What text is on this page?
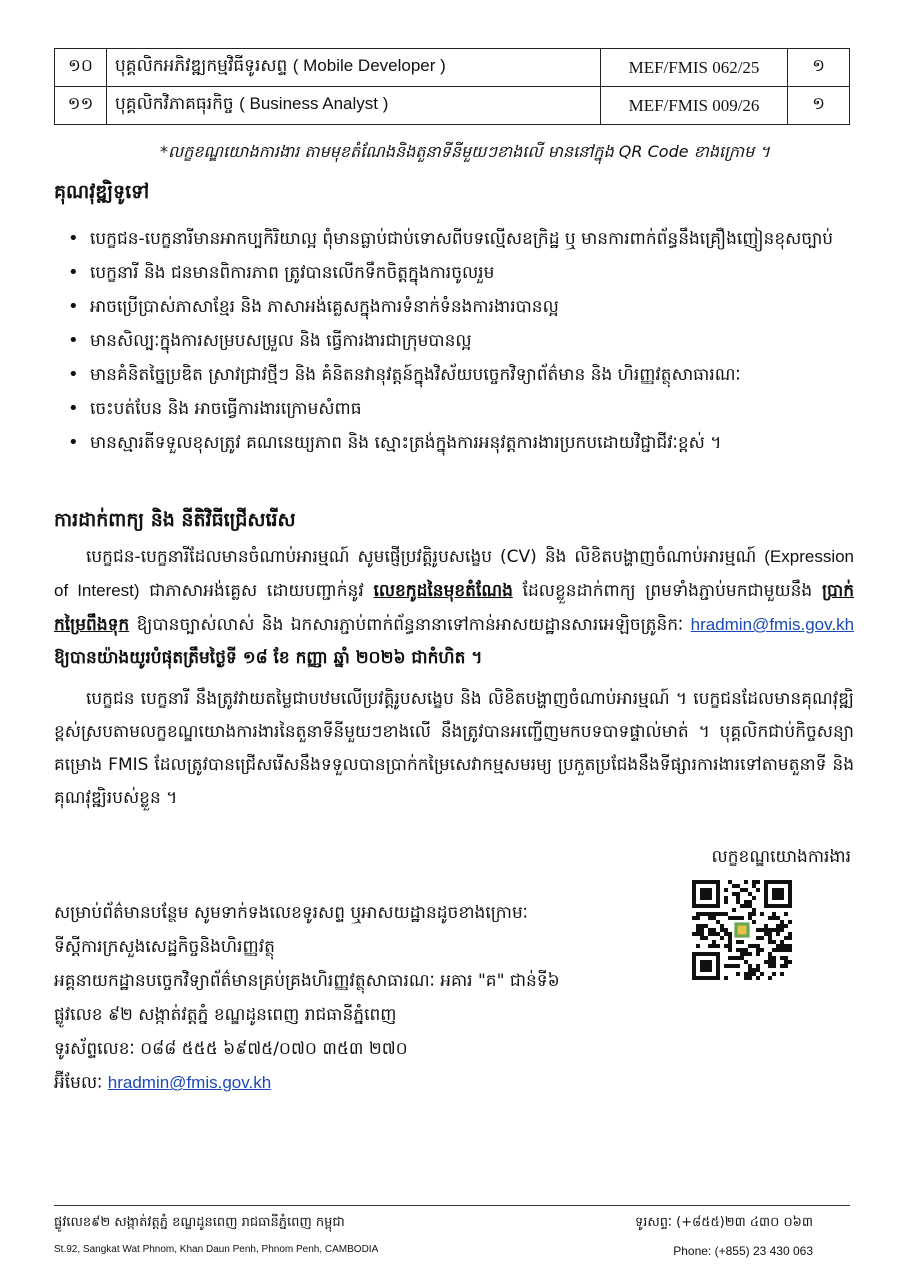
១០	បុគ្គលិកអភិវឌ្ឍកម្មវិធីទូរសព្ទ ( Mobile Developer )	MEF/FMIS 062/25	១
១១	បុគ្គលិកវិភាគធុរកិច្ច ( Business Analyst )	MEF/FMIS 009/26	១
*លក្ខខណ្ឌយោងការងារ តាមមុខតំណែងនិងតួនាទីនីមួយៗខាងលើ មាននៅក្នុង QR Code ខាងក្រោម ។
គុណវុឌ្ឍិទូទៅ
• បេក្ខជន-បេក្ខនារីមានអាកប្បកិរិយាល្អ ពុំមានធ្លាប់ជាប់ទោសពីបទល្មើសឧក្រិដ្ឋ ឬ មានការពាក់ព័ន្ធនឹងគ្រឿងញៀនខុសច្បាប់
• បេក្ខនារី និង ជនមានពិការភាព ត្រូវបានលើកទឹកចិត្តក្នុងការចូលរួម
• អាចប្រើប្រាស់ភាសាខ្មែរ និង ភាសាអង់គ្លេសក្នុងការទំនាក់ទំនងការងារបានល្អ
• មានសិល្បៈក្នុងការសម្របសម្រួល និង ធ្វើការងារជាក្រុមបានល្អ
• មានគំនិតច្នៃប្រឌិត ស្រាវជ្រាវថ្មីៗ និង គំនិតនវានុវត្តន៍ក្នុងវិស័យបច្ចេកវិទ្យាព័ត៌មាន និង ហិរញ្ញវត្ថុសាធារណៈ
• ចេះបត់បែន និង អាចធ្វើការងារក្រោមសំពាធ
• មានស្មារតីទទួលខុសត្រូវ គណនេយ្យភាព និង ស្មោះត្រង់ក្នុងការអនុវត្តការងារប្រកបដោយវិជ្ជាជីវៈខ្ពស់ ។
ការដាក់ពាក្យ និង នីតិវិធីជ្រើសរើស
បេក្ខជន-បេក្ខនារីដែលមានចំណាប់អារម្មណ៍ សូមផ្ញើប្រវត្តិរូបសង្ខេប (CV) និង លិខិតបង្ហាញចំណាប់អារម្មណ៍ (Expression of Interest) ជាភាសាអង់គ្លេស ដោយបញ្ជាក់នូវ លេខកូដនៃមុខតំណែង ដែលខ្លួនដាក់ពាក្យ ព្រមទាំងភ្ជាប់មកជាមួយនឹង ប្រាក់កម្រៃពឹងទុក ឱ្យបានច្បាស់លាស់ និង ឯកសារភ្ជាប់ពាក់ព័ន្ធនានាទៅកាន់អាសយដ្ឋានសារអេឡិចត្រូនិកៈ hradmin@fmis.gov.kh ឱ្យបានយ៉ាងយូរបំផុតត្រឹមថ្ងៃទី ១៨ ខែ កញ្ញា ឆ្នាំ ២០២៦ ជាកំហិត ។
បេក្ខជន បេក្ខនារី នឹងត្រូវវាយតម្លៃជាបឋមលើប្រវត្តិរូបសង្ខេប និង លិខិតបង្ហាញចំណាប់អារម្មណ៍ ។ បេក្ខជនដែលមានគុណវុឌ្ឍិខ្ពស់ស្របតាមលក្ខខណ្ឌយោងការងារនៃតួនាទីនីមួយៗខាងលើ នឹងត្រូវបានអញ្ជើញមកបទបាទផ្ទាល់មាត់ ។ បុគ្គលិកជាប់កិច្ចសន្យាគម្រោង FMIS ដែលត្រូវបានជ្រើសរើសនឹងទទួលបានប្រាក់កម្រៃសេវាកម្មសមរម្យ ប្រកួតប្រជែងនឹងទីផ្សារការងារទៅតាមតួនាទី និង គុណវុឌ្ឍិរបស់ខ្លួន ។
លក្ខខណ្ឌយោងការងារ
សម្រាប់ព័ត៌មានបន្ថែម សូមទាក់ទងលេខទូរសព្ទ ឬអាសយដ្ឋានដូចខាងក្រោមៈ
ទីស្តីការក្រសួងសេដ្ឋកិច្ចនិងហិរញ្ញវត្ថុ
អគ្គនាយកដ្ឋានបច្ចេកវិទ្យាព័ត៌មានគ្រប់គ្រងហិរញ្ញវត្ថុសាធារណៈ អគារ "គ" ជាន់ទី៦
ផ្លូវលេខ ៩២ សង្កាត់វត្តភ្នំ ខណ្ឌដូនពេញ រាជធានីភ្នំពេញ
ទូរស័ព្ទលេខៈ ០៨៨ ៥៥៥ ៦៩៧៥/០៧០ ៣៥៣ ២៧០
អ៊ីមែលៈ hradmin@fmis.gov.kh
ផ្លូវលេខ៩២ សង្កាត់វត្តភ្នំ ខណ្ឌដូនពេញ រាជធានីភ្នំពេញ កម្ពុជា
St.92, Sangkat Wat Phnom, Khan Daun Penh, Phnom Penh, CAMBODIA
ទូរសព្ទៈ (+៨៥៥)២៣ ៤៣០ ០៦៣
Phone: (+855) 23 430 063
